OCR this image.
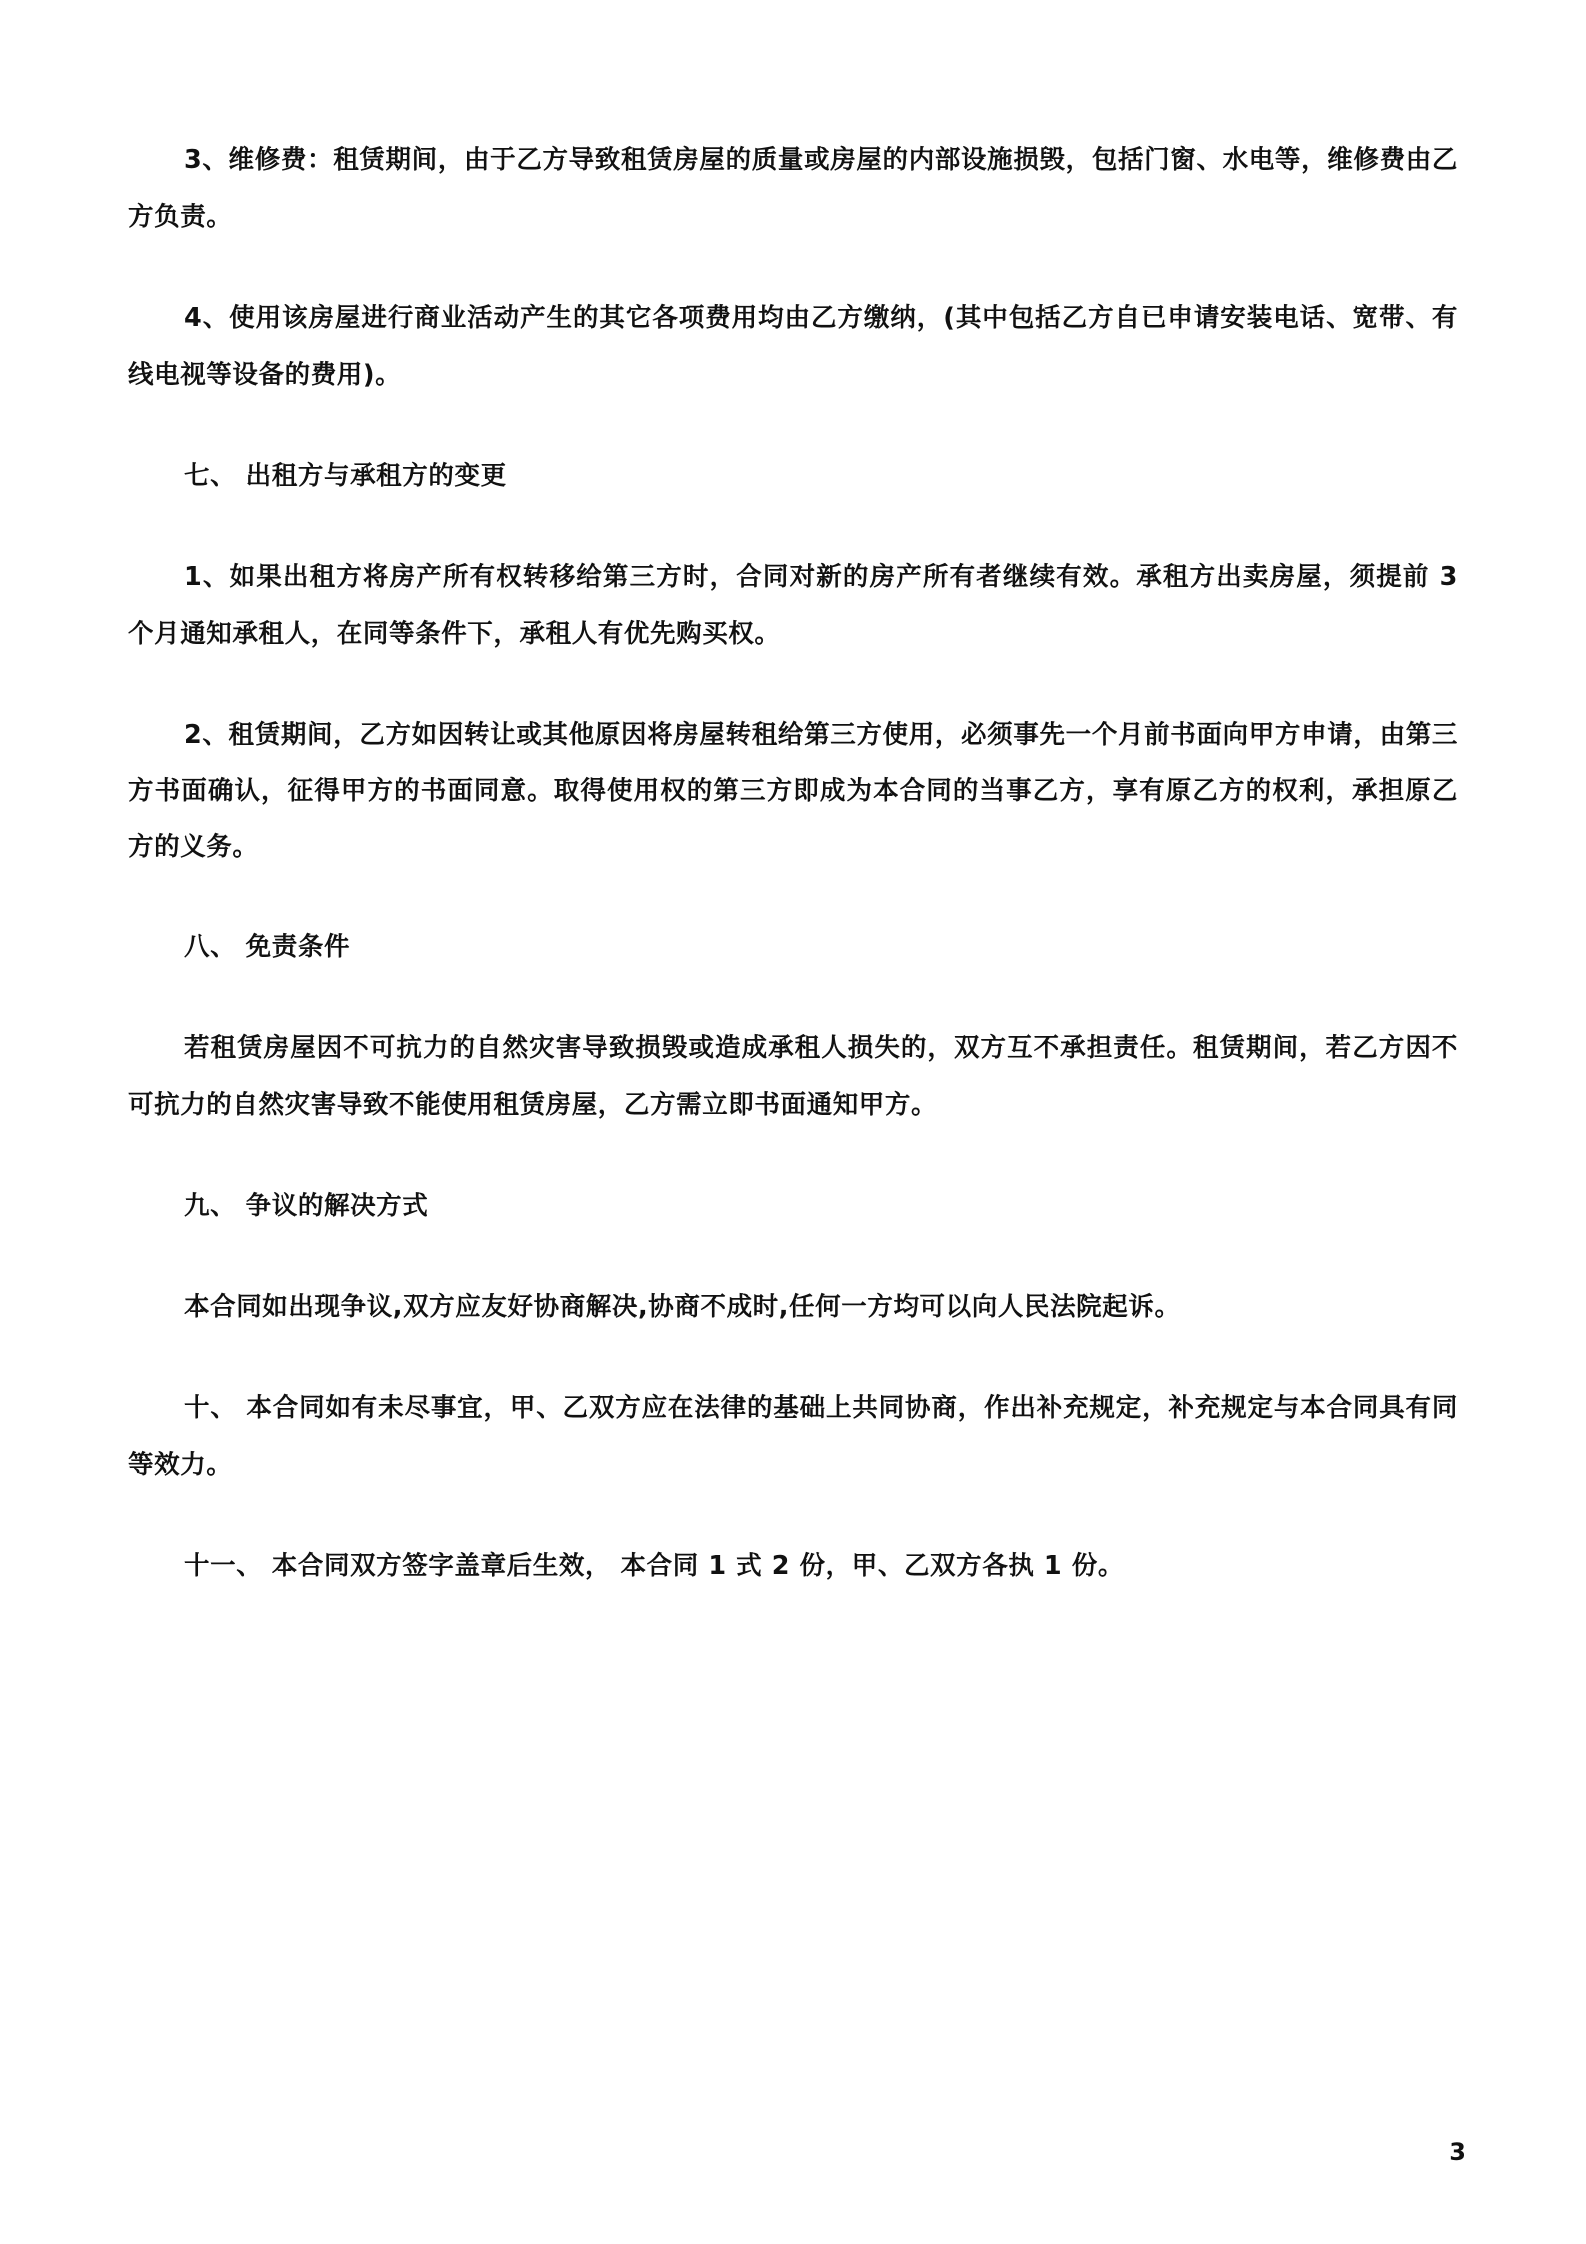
3、维修费：租赁期间，由于乙方导致租赁房屋的质量或房屋的内部设施损毁，包括门窗、水电等，维修费由乙方负责。

4、使用该房屋进行商业活动产生的其它各项费用均由乙方缴纳，(其中包括乙方自已申请安装电话、宽带、有线电视等设备的费用)。

七、 出租方与承租方的变更

1、如果出租方将房产所有权转移给第三方时，合同对新的房产所有者继续有效。承租方出卖房屋，须提前 3 个月通知承租人，在同等条件下，承租人有优先购买权。

2、租赁期间，乙方如因转让或其他原因将房屋转租给第三方使用，必须事先一个月前书面向甲方申请，由第三方书面确认，征得甲方的书面同意。取得使用权的第三方即成为本合同的当事乙方，享有原乙方的权利，承担原乙方的义务。

八、 免责条件

若租赁房屋因不可抗力的自然灾害导致损毁或造成承租人损失的，双方互不承担责任。租赁期间，若乙方因不可抗力的自然灾害导致不能使用租赁房屋，乙方需立即书面通知甲方。

九、 争议的解决方式

本合同如出现争议,双方应友好协商解决,协商不成时,任何一方均可以向人民法院起诉。

十、 本合同如有未尽事宜，甲、乙双方应在法律的基础上共同协商，作出补充规定，补充规定与本合同具有同等效力。

十一、 本合同双方签字盖章后生效， 本合同 1 式 2 份，甲、乙双方各执 1 份。

3
